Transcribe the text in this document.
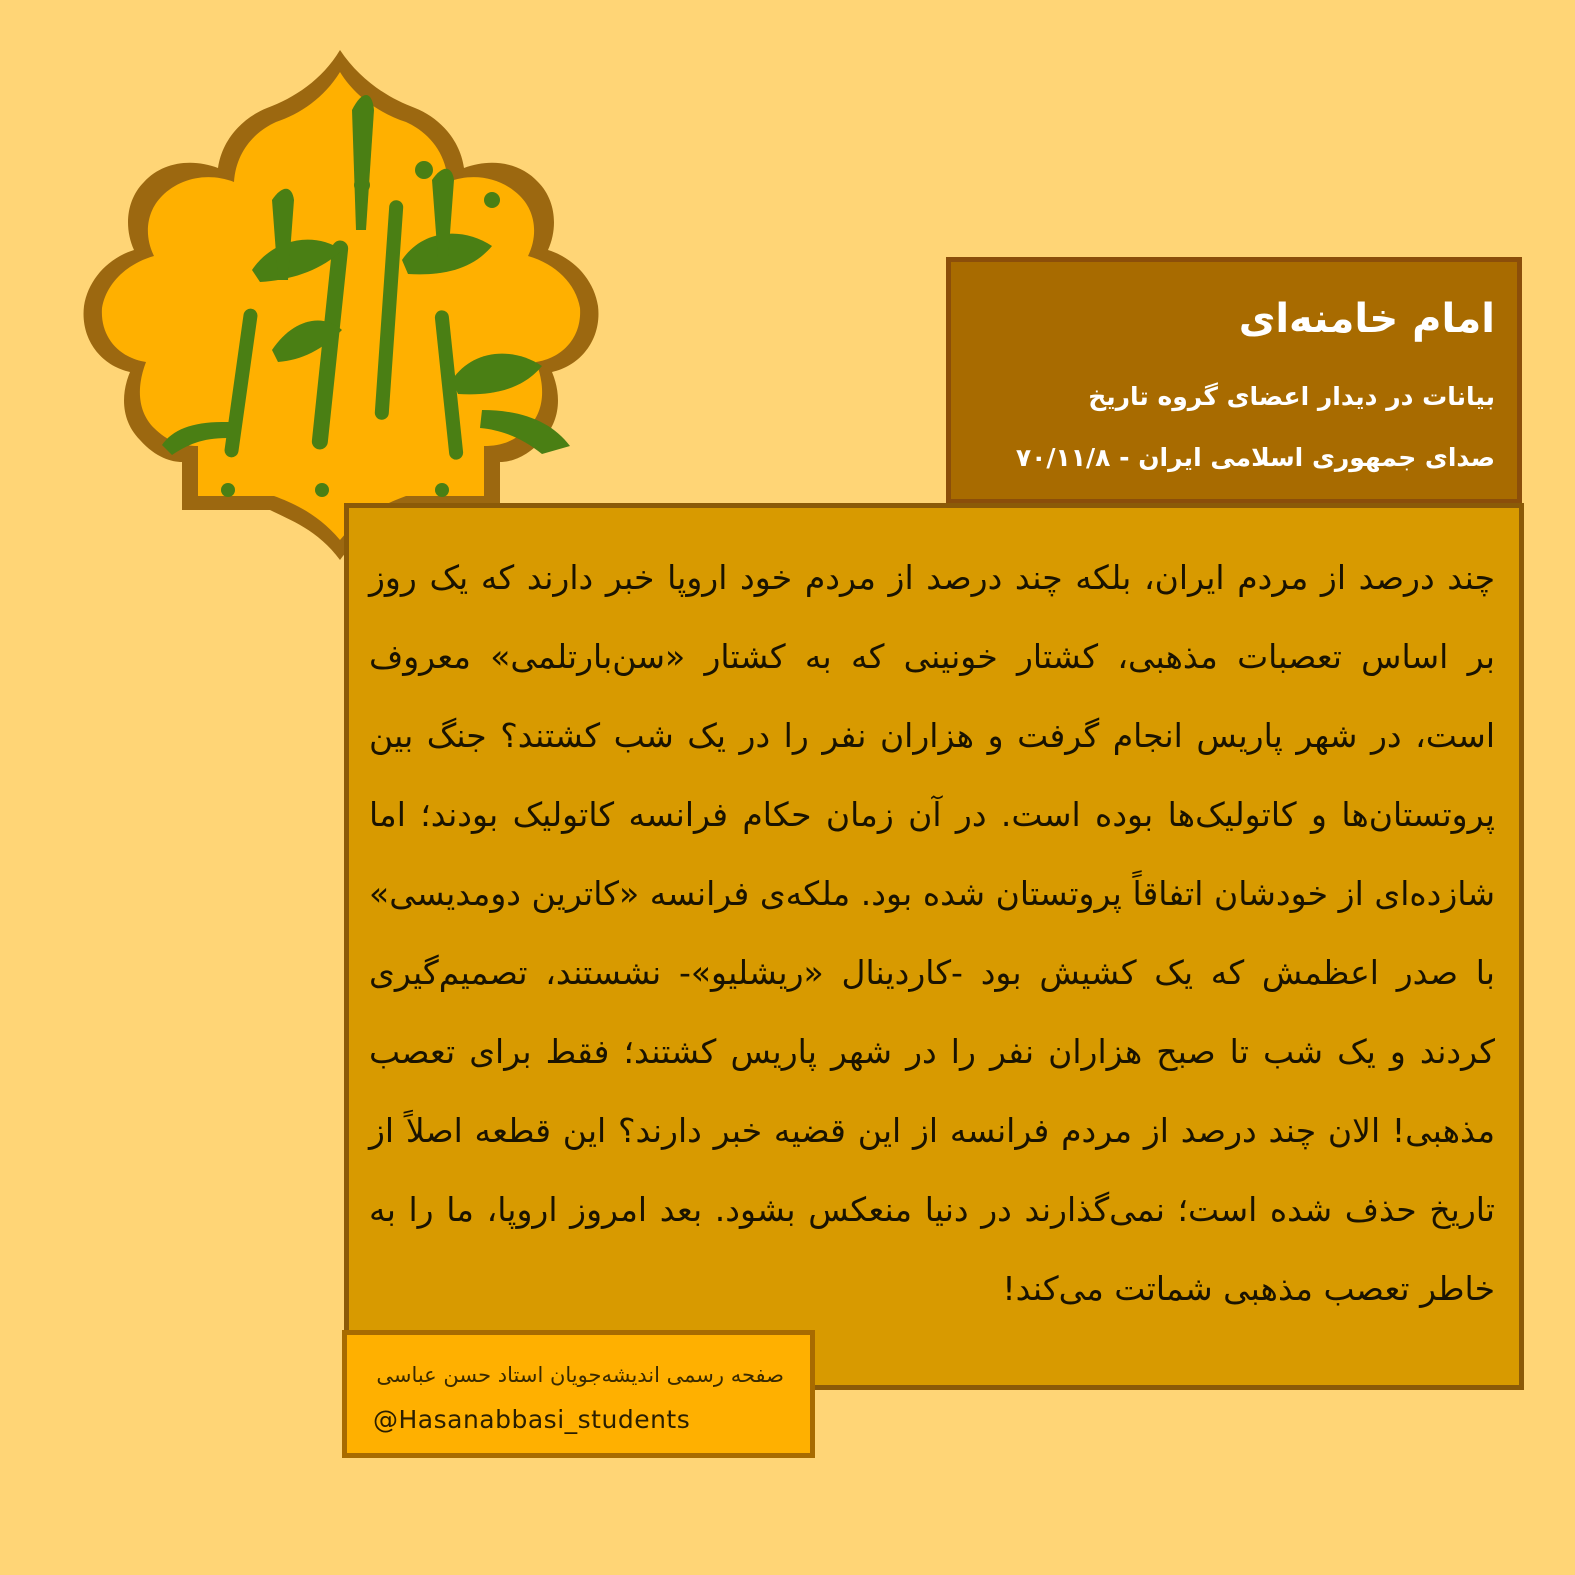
امام خامنه‌ای
بیانات در دیدار اعضای گروه تاریخ
صدای جمهوری اسلامی ایران - ۷۰/۱۱/۸
چند درصد از مردم ایران، بلکه چند درصد از مردم خود اروپا خبر دارند که یک روز بر اساس تعصبات مذهبی، کشتار خونینی که به کشتار «سن‌بارتلمی» معروف است، در شهر پاریس انجام گرفت و هزاران نفر را در یک شب کشتند؟ جنگ بین پروتستان‌ها و کاتولیک‌ها بوده است. در آن زمان حکام فرانسه کاتولیک بودند؛ اما شازده‌ای از خودشان اتفاقاً پروتستان شده بود. ملکه‌ی فرانسه «کاترین دومدیسی» با صدر اعظمش که یک کشیش بود -کاردینال «ریشلیو»- نشستند، تصمیم‌گیری کردند و یک شب تا صبح هزاران نفر را در شهر پاریس کشتند؛ فقط برای تعصب مذهبی! الان چند درصد از مردم فرانسه از این قضیه خبر دارند؟ این قطعه اصلاً از تاریخ حذف شده است؛ نمی‌گذارند در دنیا منعکس بشود. بعد امروز اروپا، ما را به خاطر تعصب مذهبی شماتت می‌کند!
صفحه رسمی اندیشه‌جویان استاد حسن عباسی
@Hasanabbasi_students
